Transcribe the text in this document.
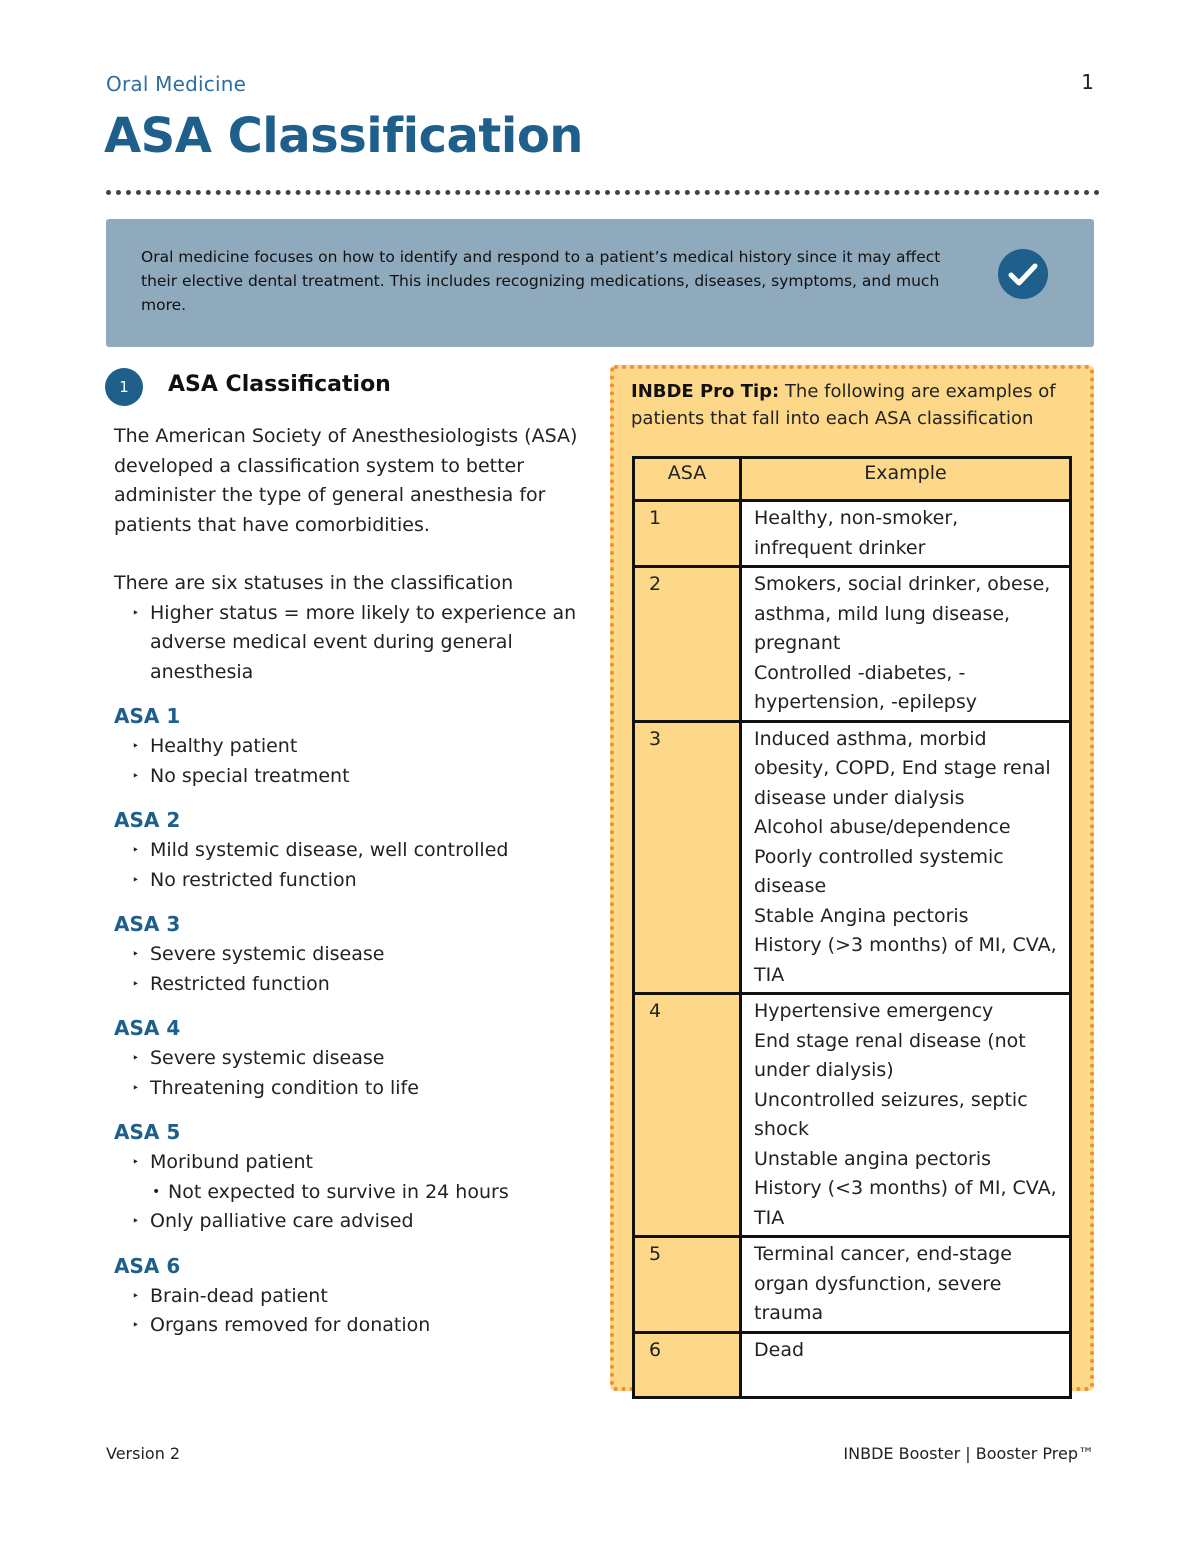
Oral Medicine	1
ASA Classification
Oral medicine focuses on how to identify and respond to a patient’s medical history since it may affect their elective dental treatment. This includes recognizing medications, diseases, symptoms, and much more.
1	ASA Classification

The American Society of Anesthesiologists (ASA) developed a classification system to better administer the type of general anesthesia for patients that have comorbidities.

There are six statuses in the classification

‣ Higher status = more likely to experience an adverse medical event during general anesthesia
ASA 1
‣ Healthy patient
‣ No special treatment
ASA 2
‣ Mild systemic disease, well controlled
‣ No restricted function
ASA 3
‣ Severe systemic disease
‣ Restricted function
ASA 4
‣ Severe systemic disease
‣ Threatening condition to life
ASA 5
‣ Moribund patient
• Not expected to survive in 24 hours
‣ Only palliative care advised
ASA 6
‣ Brain-dead patient
‣ Organs removed for donation
INBDE Pro Tip: The following are examples of patients that fall into each ASA classification
ASA	Example
1	Healthy, non-smoker, infrequent drinker

2	Smokers, social drinker, obese, asthma, mild lung disease, pregnant
Controlled -diabetes, -hypertension, -epilepsy

3	Induced asthma, morbid obesity, COPD, End stage renal disease under dialysis
Alcohol abuse/dependence
Poorly controlled systemic disease
Stable Angina pectoris
History (>3 months) of MI, CVA, TIA

4	Hypertensive emergency
End stage renal disease (not under dialysis)
Uncontrolled seizures, septic shock
Unstable angina pectoris
History (<3 months) of MI, CVA, TIA

5	Terminal cancer, end-stage organ dysfunction, severe trauma

6	Dead
Version 2	INBDE Booster | Booster Prep™
